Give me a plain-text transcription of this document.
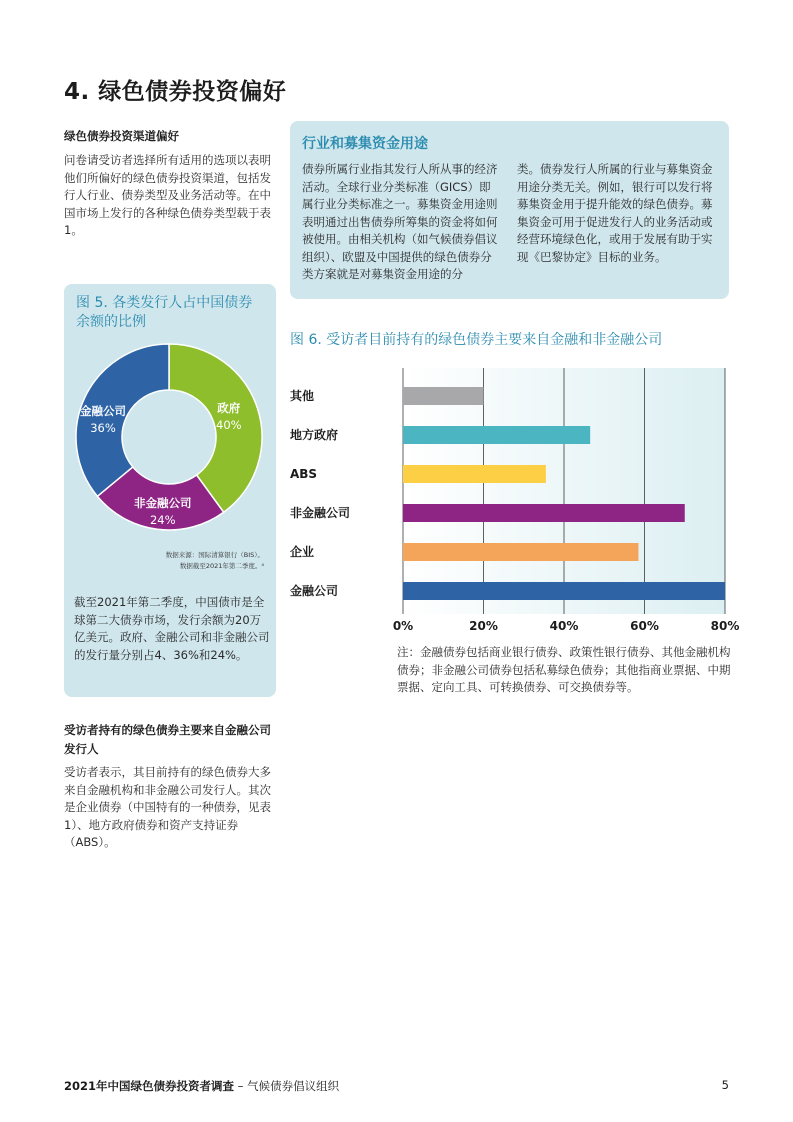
4. 绿色债券投资偏好
绿色债券投资渠道偏好
问卷请受访者选择所有适用的选项以表明他们所偏好的绿色债券投资渠道，包括发行人行业、债券类型及业务活动等。在中国市场上发行的各种绿色债券类型载于表1。
图 5. 各类发行人占中国债券余额的比例
政府
40%
非金融公司
24%
金融公司
36%
数据来源：国际清算银行（BIS）。
数据截至2021年第二季度。⁴
截至2021年第二季度，中国债市是全球第二大债券市场，发行余额为20万亿美元。政府、金融公司和非金融公司的发行量分别占4、36%和24%。
受访者持有的绿色债券主要来自金融公司发行人
受访者表示，其目前持有的绿色债券大多来自金融机构和非金融公司发行人。其次是企业债券（中国特有的一种债券，见表1）、地方政府债券和资产支持证券（ABS）。
行业和募集资金用途
债券所属行业指其发行人所从事的经济活动。全球行业分类标准（GICS）即属行业分类标准之一。募集资金用途则表明通过出售债券所筹集的资金将如何被使用。由相关机构（如气候债券倡议组织）、欧盟及中国提供的绿色债券分类方案就是对募集资金用途的分
类。债券发行人所属的行业与募集资金用途分类无关。例如，银行可以发行将募集资金用于提升能效的绿色债券。募集资金可用于促进发行人的业务活动或经营环境绿色化，或用于发展有助于实现《巴黎协定》目标的业务。
图 6. 受访者目前持有的绿色债券主要来自金融和非金融公司
0%	20%	40%	60%	80%
其他
地方政府
ABS
非金融公司
企业
金融公司
注：金融债券包括商业银行债券、政策性银行债券、其他金融机构债券；非金融公司债券包括私募绿色债券；其他指商业票据、中期票据、定向工具、可转换债券、可交换债券等。
2021年中国绿色债券投资者调查 – 气候债券倡议组织	5
